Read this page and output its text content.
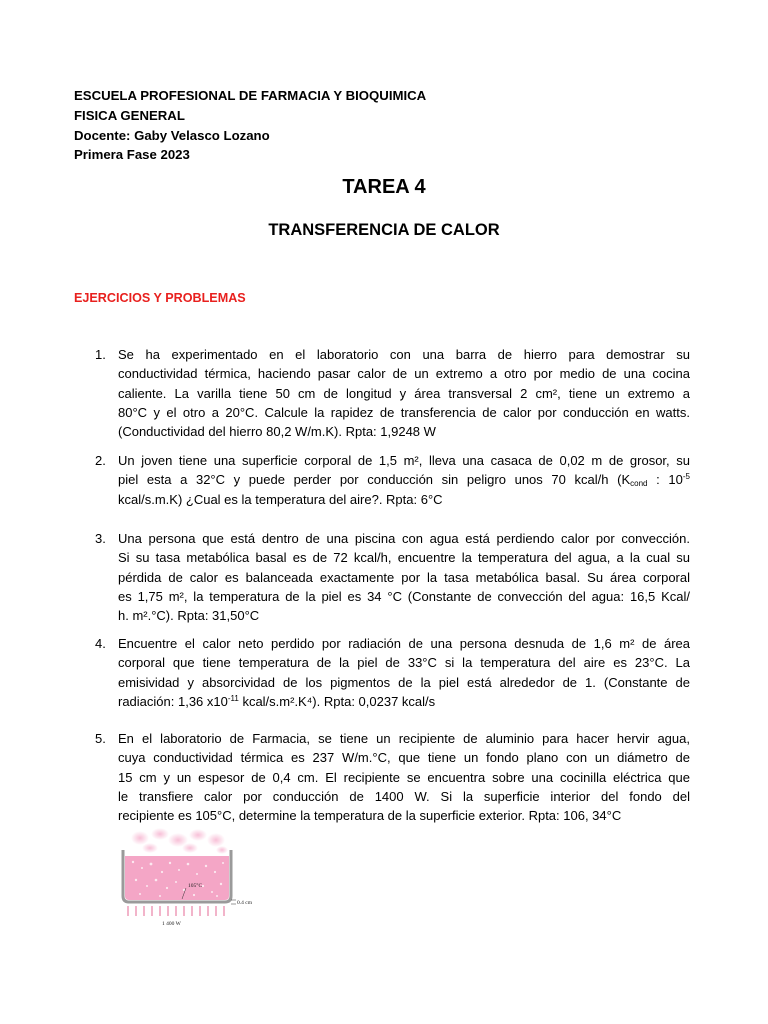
ESCUELA PROFESIONAL DE FARMACIA Y BIOQUIMICA
FISICA GENERAL
Docente: Gaby Velasco Lozano
Primera Fase 2023
TAREA 4
TRANSFERENCIA DE CALOR
EJERCICIOS Y PROBLEMAS
1. Se ha experimentado en el laboratorio con una barra de hierro para demostrar su
conductividad térmica, haciendo pasar calor de un extremo a otro por medio de una cocina
caliente. La varilla tiene 50 cm de longitud y área transversal 2 cm², tiene un extremo a
80°C y el otro a 20°C. Calcule la rapidez de transferencia de calor por conducción en watts.
(Conductividad del hierro 80,2 W/m.K). Rpta: 1,9248 W
2. Un joven tiene una superficie corporal de 1,5 m², lleva una casaca de 0,02 m de grosor, su
piel esta a 32°C y puede perder por conducción sin peligro unos 70 kcal/h ($K_{cond}$ : $10^{-5}$
kcal/s.m.K) ¿Cual es la temperatura del aire?. Rpta: 6°C
3. Una persona que está dentro de una piscina con agua está perdiendo calor por convección.
Si su tasa metabólica basal es de 72 kcal/h, encuentre la temperatura del agua, a la cual su
pérdida de calor es balanceada exactamente por la tasa metabólica basal. Su área corporal
es 1,75 m², la temperatura de la piel es 34 °C (Constante de convección del agua: 16,5 Kcal/
h. m².°C). Rpta: 31,50°C
4. Encuentre el calor neto perdido por radiación de una persona desnuda de 1,6 m² de área
corporal que tiene temperatura de la piel de 33°C si la temperatura del aire es 23°C. La
emisividad y absorcividad de los pigmentos de la piel está alrededor de 1. (Constante de
radiación: 1,36 $x10^{-11}$ kcal/s.m².K⁴). Rpta: 0,0237 kcal/s
5. En el laboratorio de Farmacia, se tiene un recipiente de aluminio para hacer hervir agua,
cuya conductividad térmica es 237 W/m.°C, que tiene un fondo plano con un diámetro de
15 cm y un espesor de 0,4 cm. El recipiente se encuentra sobre una cocinilla eléctrica que
le transfiere calor por conducción de 1400 W. Si la superficie interior del fondo del
recipiente es 105°C, determine la temperatura de la superficie exterior. Rpta: 106, 34°C
105°C
0.4 cm
1 400 W
